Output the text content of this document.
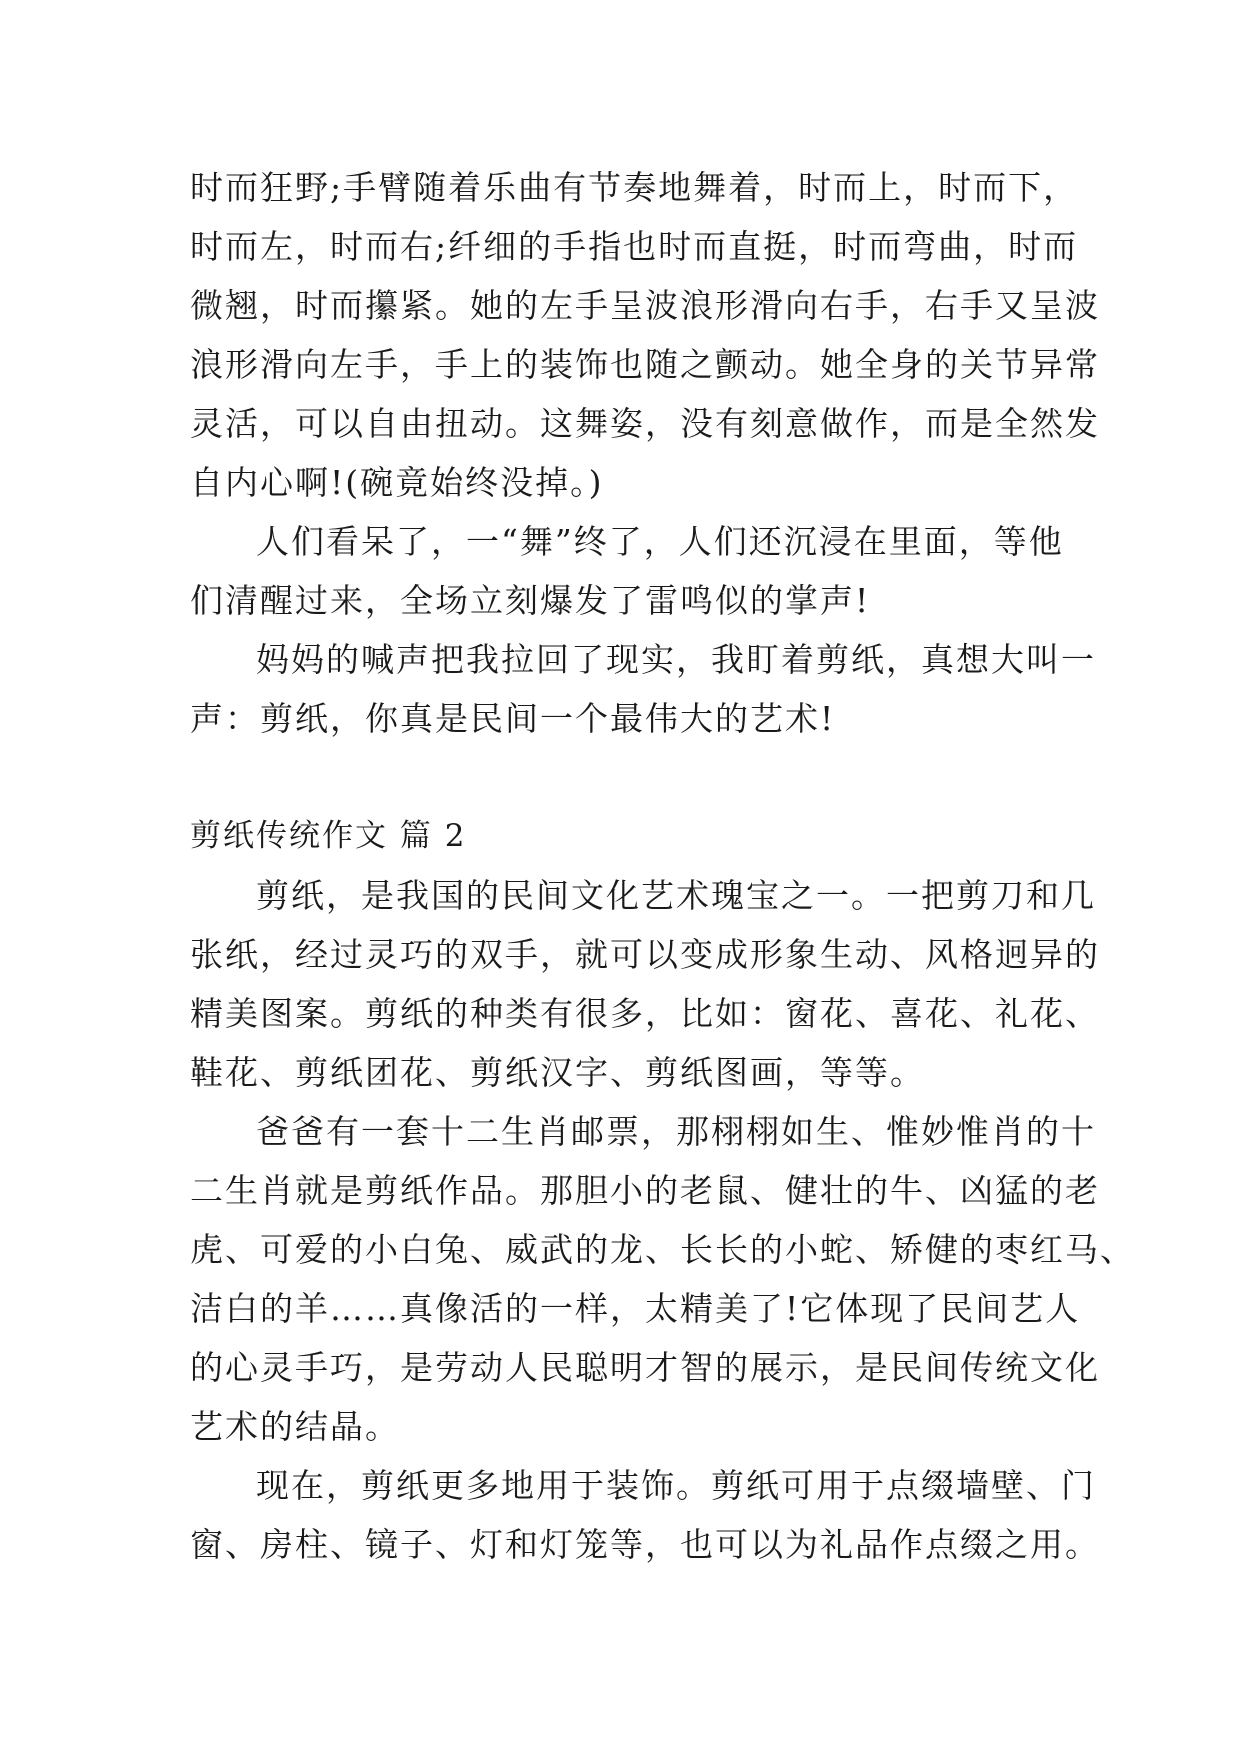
时而狂野;手臂随着乐曲有节奏地舞着，时而上，时而下，
时而左，时而右;纤细的手指也时而直挺，时而弯曲，时而
微翘，时而攥紧。她的左手呈波浪形滑向右手，右手又呈波
浪形滑向左手，手上的装饰也随之颤动。她全身的关节异常
灵活，可以自由扭动。这舞姿，没有刻意做作，而是全然发
自内心啊!(碗竟始终没掉。)
人们看呆了，一“舞”终了，人们还沉浸在里面，等他
们清醒过来，全场立刻爆发了雷鸣似的掌声!
妈妈的喊声把我拉回了现实，我盯着剪纸，真想大叫一
声：剪纸，你真是民间一个最伟大的艺术!
剪纸传统作文 篇 2
剪纸，是我国的民间文化艺术瑰宝之一。一把剪刀和几
张纸，经过灵巧的双手，就可以变成形象生动、风格迥异的
精美图案。剪纸的种类有很多，比如：窗花、喜花、礼花、
鞋花、剪纸团花、剪纸汉字、剪纸图画，等等。
爸爸有一套十二生肖邮票，那栩栩如生、惟妙惟肖的十
二生肖就是剪纸作品。那胆小的老鼠、健壮的牛、凶猛的老
虎、可爱的小白兔、威武的龙、长长的小蛇、矫健的枣红马、
洁白的羊……真像活的一样，太精美了!它体现了民间艺人
的心灵手巧，是劳动人民聪明才智的展示，是民间传统文化
艺术的结晶。
现在，剪纸更多地用于装饰。剪纸可用于点缀墙壁、门
窗、房柱、镜子、灯和灯笼等，也可以为礼品作点缀之用。
